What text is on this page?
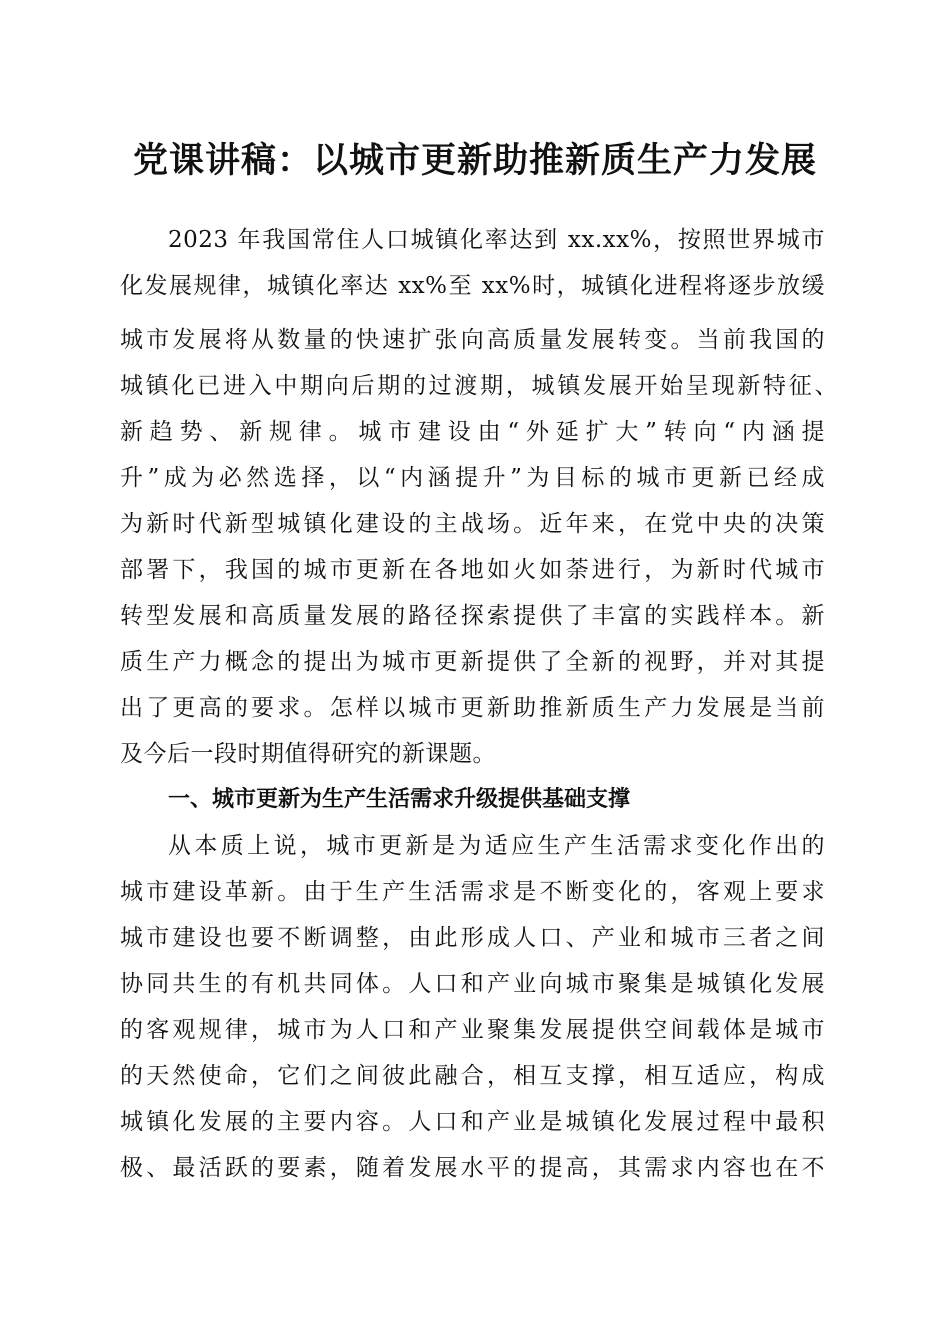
党课讲稿：以城市更新助推新质生产力发展
2023 年我国常住人口城镇化率达到 xx.xx%，按照世界城市
化发展规律，城镇化率达 xx%至 xx%时，城镇化进程将逐步放缓
城市发展将从数量的快速扩张向高质量发展转变。当前我国的
城镇化已进入中期向后期的过渡期，城镇发展开始呈现新特征、
新趋势、新规律。城市建设由“外延扩大”转向“内涵提
升”成为必然选择，以“内涵提升”为目标的城市更新已经成
为新时代新型城镇化建设的主战场。近年来，在党中央的决策
部署下，我国的城市更新在各地如火如荼进行，为新时代城市
转型发展和高质量发展的路径探索提供了丰富的实践样本。新
质生产力概念的提出为城市更新提供了全新的视野，并对其提
出了更高的要求。怎样以城市更新助推新质生产力发展是当前
及今后一段时期值得研究的新课题。
一、城市更新为生产生活需求升级提供基础支撑
从本质上说，城市更新是为适应生产生活需求变化作出的
城市建设革新。由于生产生活需求是不断变化的，客观上要求
城市建设也要不断调整，由此形成人口、产业和城市三者之间
协同共生的有机共同体。人口和产业向城市聚集是城镇化发展
的客观规律，城市为人口和产业聚集发展提供空间载体是城市
的天然使命，它们之间彼此融合，相互支撑，相互适应，构成
城镇化发展的主要内容。人口和产业是城镇化发展过程中最积
极、最活跃的要素，随着发展水平的提高，其需求内容也在不
